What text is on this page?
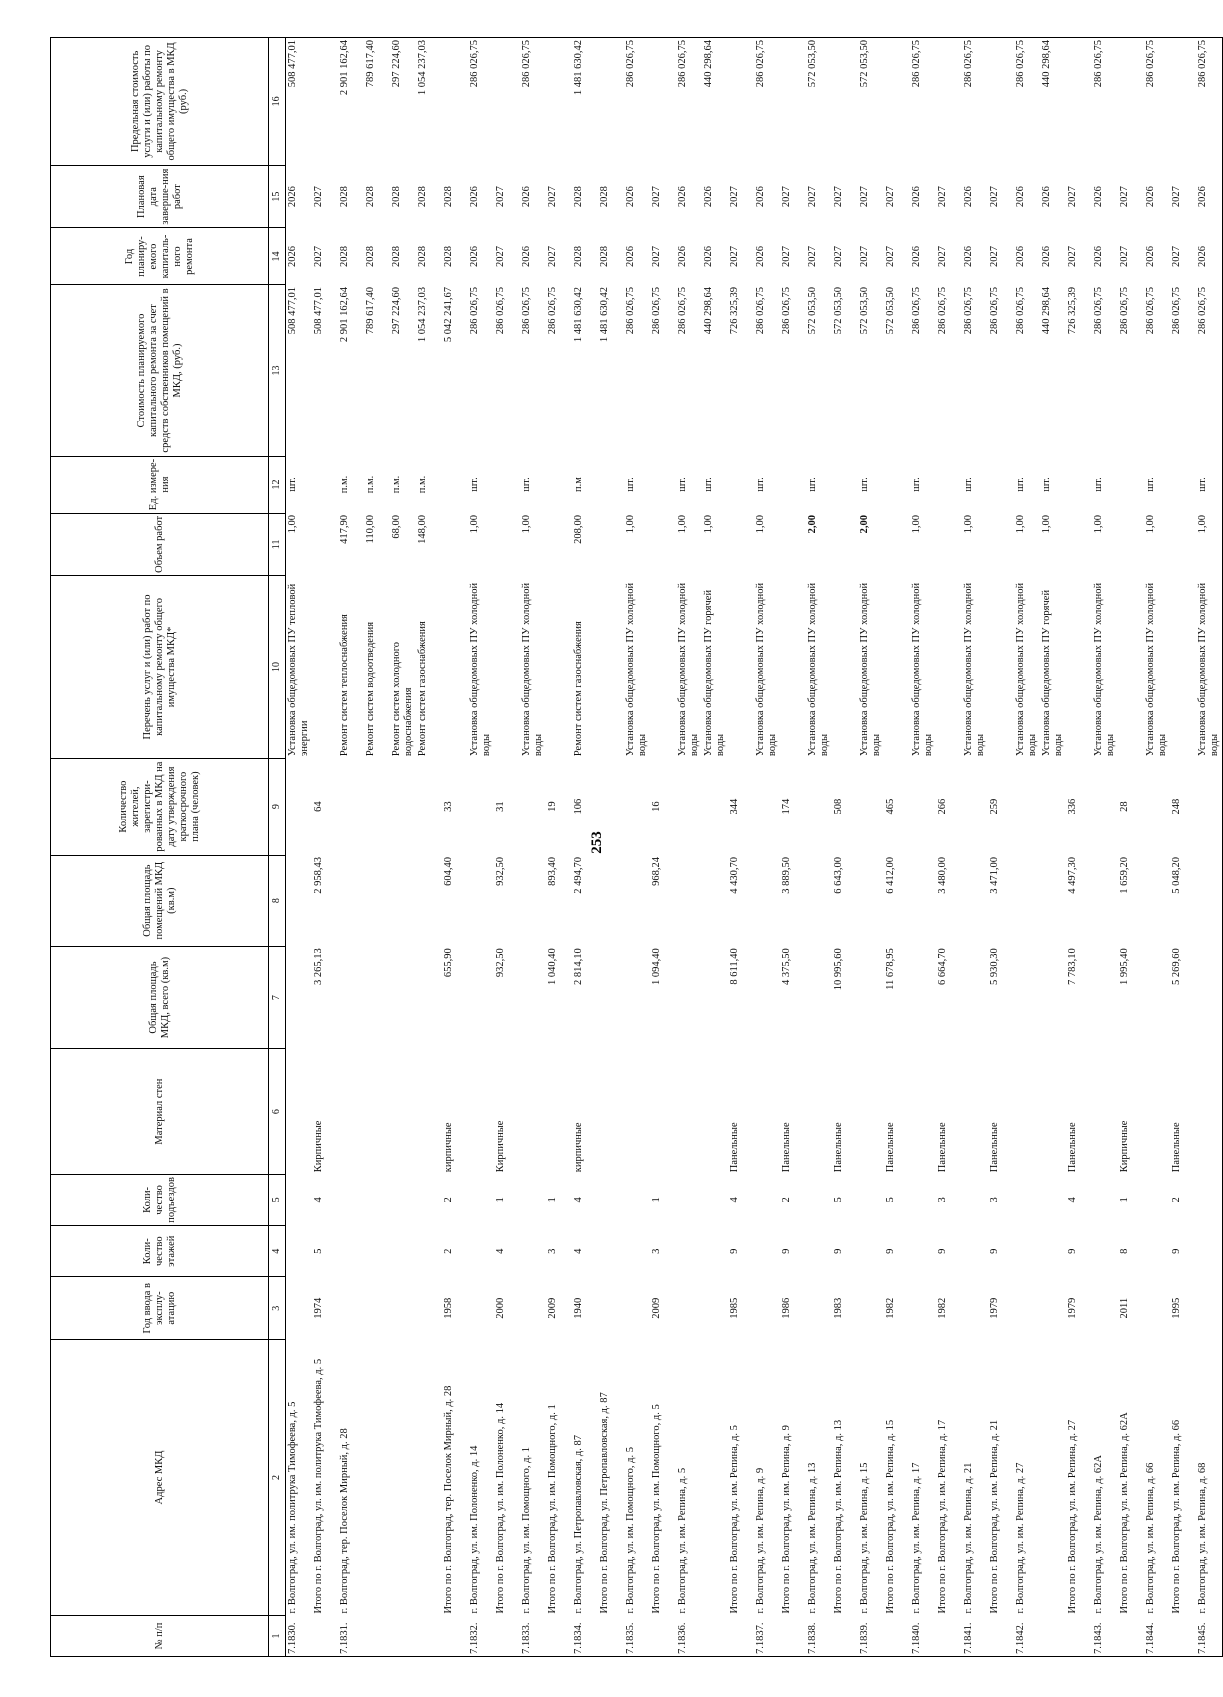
253
№ п/п	Адрес МКД	Год ввода в эксплу-атацию	Коли-чество этажей	Коли-чество подъездов	Материал стен	Общая площадь МКД, всего (кв.м)	Общая площадь помещений МКД (кв.м)	Количество жителей, зарегистри-рованных в МКД на дату утверждения краткосрочного плана (человек)	Перечень услуг и (или) работ по капитальному ремонту общего имущества МКД*	Объем работ	Ед. измере-ния	Стоимость планируемого капитального ремонта за счет средств собственников помещений в МКД, (руб.)	Год планиру-емого капиталь-ного ремонта	Плановая дата заверше-ния работ	Предельная стоимость услуги и (или) работы по капитальному ремонту общего имущества в МКД (руб.)
1	2	3	4	5	6	7	8	9	10	11	12	13	14	15	16
7.1830.	г. Волгоград, ул. им. политрука Тимофеева, д. 5								Установка общедомовых ПУ тепловой энергии	1,00	шт.	508 477,01	2026	2026	508 477,01
	Итого по г. Волгоград, ул. им. политрука Тимофеева, д. 5	1974	5	4	Кирпичные	3 265,13	2 958,43	64				508 477,01	2027	2027	
7.1831.	г. Волгоград, тер. Поселок Мирный, д. 28								Ремонт систем теплоснабжения	417,90	п.м.	2 901 162,64	2028	2028	2 901 162,64
									Ремонт систем водоотведения	110,00	п.м.	789 617,40	2028	2028	789 617,40
									Ремонт систем холодного водоснабжения	68,00	п.м.	297 224,60	2028	2028	297 224,60
									Ремонт систем газоснабжения	148,00	п.м.	1 054 237,03	2028	2028	1 054 237,03
	Итого по г. Волгоград, тер. Поселок Мирный, д. 28	1958	2	2	кирпичные	655,90	604,40	33				5 042 241,67	2028	2028	
7.1832.	г. Волгоград, ул. им. Полоненко, д. 14								Установка общедомовых ПУ холодной воды	1,00	шт.	286 026,75	2026	2026	286 026,75
	Итого по г. Волгоград, ул. им. Полоненко, д. 14	2000	4	1	Кирпичные	932,50	932,50	31				286 026,75	2027	2027	
7.1833.	г. Волгоград, ул. им. Помощного, д. 1								Установка общедомовых ПУ холодной воды	1,00	шт.	286 026,75	2026	2026	286 026,75
	Итого по г. Волгоград, ул. им. Помощного, д. 1	2009	3	1		1 040,40	893,40	19				286 026,75	2027	2027	
7.1834.	г. Волгоград, ул. Петропавловская, д. 87	1940	4	4	кирпичные	2 814,10	2 494,70	106	Ремонт систем газоснабжения	208,00	п.м	1 481 630,42	2028	2028	1 481 630,42
	Итого по г. Волгоград, ул. Петропавловская, д. 87											1 481 630,42	2028	2028	
7.1835.	г. Волгоград, ул. им. Помощного, д. 5								Установка общедомовых ПУ холодной воды	1,00	шт.	286 026,75	2026	2026	286 026,75
	Итого по г. Волгоград, ул. им. Помощного, д. 5	2009	3	1		1 094,40	968,24	16				286 026,75	2027	2027	
7.1836.	г. Волгоград, ул. им. Репина, д. 5								Установка общедомовых ПУ холодной воды	1,00	шт.	286 026,75	2026	2026	286 026,75
									Установка общедомовых ПУ горячей воды	1,00	шт.	440 298,64	2026	2026	440 298,64
	Итого по г. Волгоград, ул. им. Репина, д. 5	1985	9	4	Панельные	8 611,40	4 430,70	344				726 325,39	2027	2027	
7.1837.	г. Волгоград, ул. им. Репина, д. 9								Установка общедомовых ПУ холодной воды	1,00	шт.	286 026,75	2026	2026	286 026,75
	Итого по г. Волгоград, ул. им. Репина, д. 9	1986	9	2	Панельные	4 375,50	3 889,50	174				286 026,75	2027	2027	
7.1838.	г. Волгоград, ул. им. Репина, д. 13								Установка общедомовых ПУ холодной воды	2,00	шт.	572 053,50	2027	2027	572 053,50
	Итого по г. Волгоград, ул. им. Репина, д. 13	1983	9	5	Панельные	10 995,60	6 643,00	508				572 053,50	2027	2027	
7.1839.	г. Волгоград, ул. им. Репина, д. 15								Установка общедомовых ПУ холодной воды	2,00	шт.	572 053,50	2027	2027	572 053,50
	Итого по г. Волгоград, ул. им. Репина, д. 15	1982	9	5	Панельные	11 678,95	6 412,00	465				572 053,50	2027	2027	
7.1840.	г. Волгоград, ул. им. Репина, д. 17								Установка общедомовых ПУ холодной воды	1,00	шт.	286 026,75	2026	2026	286 026,75
	Итого по г. Волгоград, ул. им. Репина, д. 17	1982	9	3	Панельные	6 664,70	3 480,00	266				286 026,75	2027	2027	
7.1841.	г. Волгоград, ул. им. Репина, д. 21								Установка общедомовых ПУ холодной воды	1,00	шт.	286 026,75	2026	2026	286 026,75
	Итого по г. Волгоград, ул. им. Репина, д. 21	1979	9	3	Панельные	5 930,30	3 471,00	259				286 026,75	2027	2027	
7.1842.	г. Волгоград, ул. им. Репина, д. 27								Установка общедомовых ПУ холодной воды	1,00	шт.	286 026,75	2026	2026	286 026,75
									Установка общедомовых ПУ горячей воды	1,00	шт.	440 298,64	2026	2026	440 298,64
	Итого по г. Волгоград, ул. им. Репина, д. 27	1979	9	4	Панельные	7 783,10	4 497,30	336				726 325,39	2027	2027	
7.1843.	г. Волгоград, ул. им. Репина, д. 62А								Установка общедомовых ПУ холодной воды	1,00	шт.	286 026,75	2026	2026	286 026,75
	Итого по г. Волгоград, ул. им. Репина, д. 62А	2011	8	1	Кирпичные	1 995,40	1 659,20	28				286 026,75	2027	2027	
7.1844.	г. Волгоград, ул. им. Репина, д. 66								Установка общедомовых ПУ холодной воды	1,00	шт.	286 026,75	2026	2026	286 026,75
	Итого по г. Волгоград, ул. им. Репина, д. 66	1995	9	2	Панельные	5 269,60	5 048,20	248				286 026,75	2027	2027	
7.1845.	г. Волгоград, ул. им. Репина, д. 68								Установка общедомовых ПУ холодной воды	1,00	шт.	286 026,75	2026	2026	286 026,75
